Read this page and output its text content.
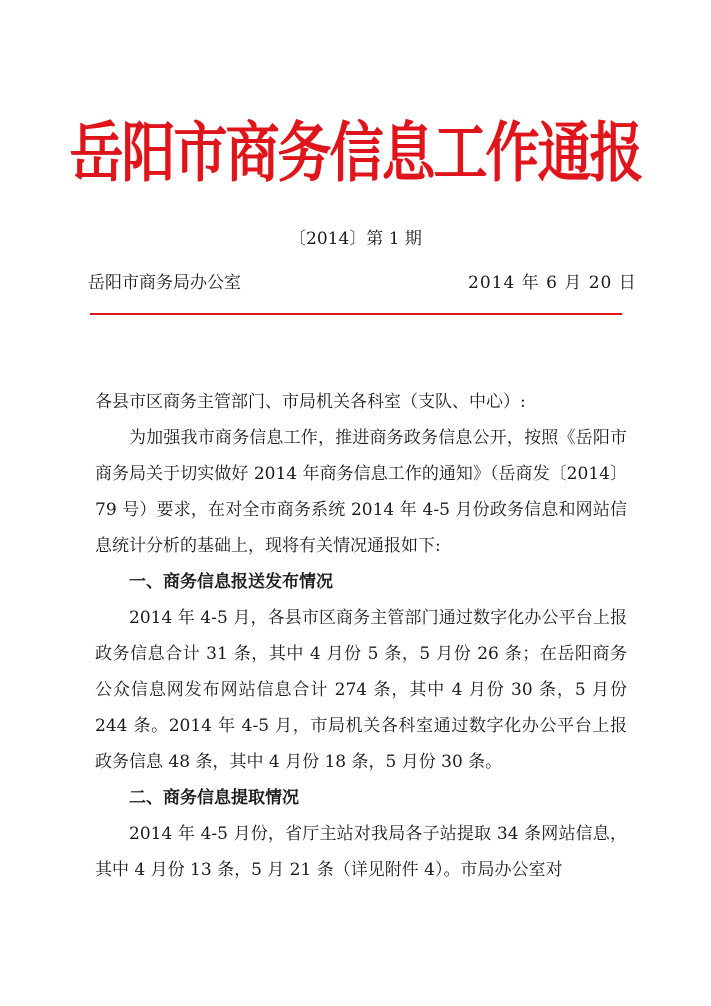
岳阳市商务信息工作通报
〔2014〕第 1 期
岳阳市商务局办公室	2014 年 6 月 20 日

各县市区商务主管部门、市局机关各科室（支队、中心）:

为加强我市商务信息工作，推进商务政务信息公开，按照《岳阳市商务局关于切实做好 2014 年商务信息工作的通知》（岳商发〔2014〕79 号）要求，在对全市商务系统 2014 年 4-5 月份政务信息和网站信息统计分析的基础上，现将有关情况通报如下:

一、商务信息报送发布情况

2014 年 4-5 月，各县市区商务主管部门通过数字化办公平台上报政务信息合计 31 条，其中 4 月份 5 条，5 月份 26 条；在岳阳商务公众信息网发布网站信息合计 274 条，其中 4 月份 30 条，5 月份 244 条。2014 年 4-5 月，市局机关各科室通过数字化办公平台上报政务信息 48 条，其中 4 月份 18 条，5 月份 30 条。

二、商务信息提取情况

2014 年 4-5 月份，省厅主站对我局各子站提取 34 条网站信息，其中 4 月份 13 条，5 月 21 条（详见附件 4）。市局办公室对
